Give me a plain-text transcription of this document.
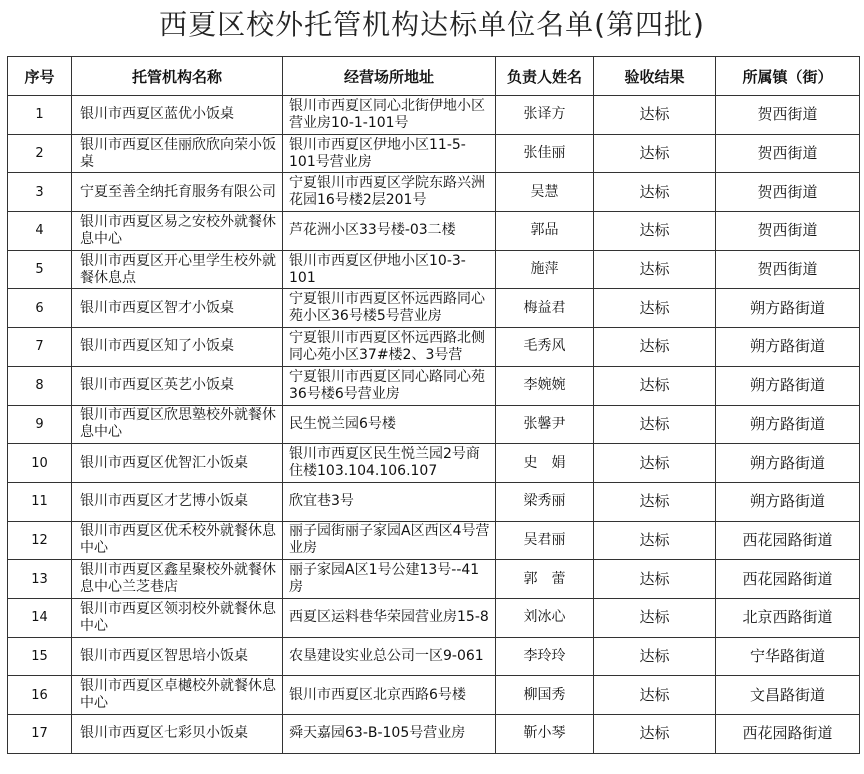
西夏区校外托管机构达标单位名单(第四批)
序号	托管机构名称	经营场所地址	负责人姓名	验收结果	所属镇（街）
1	银川市西夏区蓝优小饭桌	银川市西夏区同心北街伊地小区营业房10-1-101号	张译方	达标	贺西街道
2	银川市西夏区佳丽欣欣向荣小饭桌	银川市西夏区伊地小区11-5-101号营业房	张佳丽	达标	贺西街道
3	宁夏至善全纳托育服务有限公司	宁夏银川市西夏区学院东路兴洲花园16号楼2层201号	吴慧	达标	贺西街道
4	银川市西夏区易之安校外就餐休息中心	芦花洲小区33号楼-03二楼	郭品	达标	贺西街道
5	银川市西夏区开心里学生校外就餐休息点	银川市西夏区伊地小区10-3-101	施萍	达标	贺西街道
6	银川市西夏区智才小饭桌	宁夏银川市西夏区怀远西路同心苑小区36号楼5号营业房	梅益君	达标	朔方路街道
7	银川市西夏区知了小饭桌	宁夏银川市西夏区怀远西路北侧同心苑小区37#楼2、3号营	毛秀风	达标	朔方路街道
8	银川市西夏区英艺小饭桌	宁夏银川市西夏区同心路同心苑36号楼6号营业房	李婉婉	达标	朔方路街道
9	银川市西夏区欣思塾校外就餐休息中心	民生悦兰园6号楼	张馨尹	达标	朔方路街道
10	银川市西夏区优智汇小饭桌	银川市西夏区民生悦兰园2号商住楼103.104.106.107	史　娟	达标	朔方路街道
11	银川市西夏区才艺博小饭桌	欣宜巷3号	梁秀丽	达标	朔方路街道
12	银川市西夏区优禾校外就餐休息中心	丽子园街丽子家园A区西区4号营业房	吴君丽	达标	西花园路街道
13	银川市西夏区鑫星聚校外就餐休息中心兰芝巷店	丽子家园A区1号公建13号--41房	郭　蕾	达标	西花园路街道
14	银川市西夏区领羽校外就餐休息中心	西夏区运料巷华荣园营业房15-8	刘冰心	达标	北京西路街道
15	银川市西夏区智思培小饭桌	农垦建设实业总公司一区9-061	李玲玲	达标	宁华路街道
16	银川市西夏区卓樾校外就餐休息中心	银川市西夏区北京西路6号楼	柳国秀	达标	文昌路街道
17	银川市西夏区七彩贝小饭桌	舜天嘉园63-B-105号营业房	靳小琴	达标	西花园路街道
